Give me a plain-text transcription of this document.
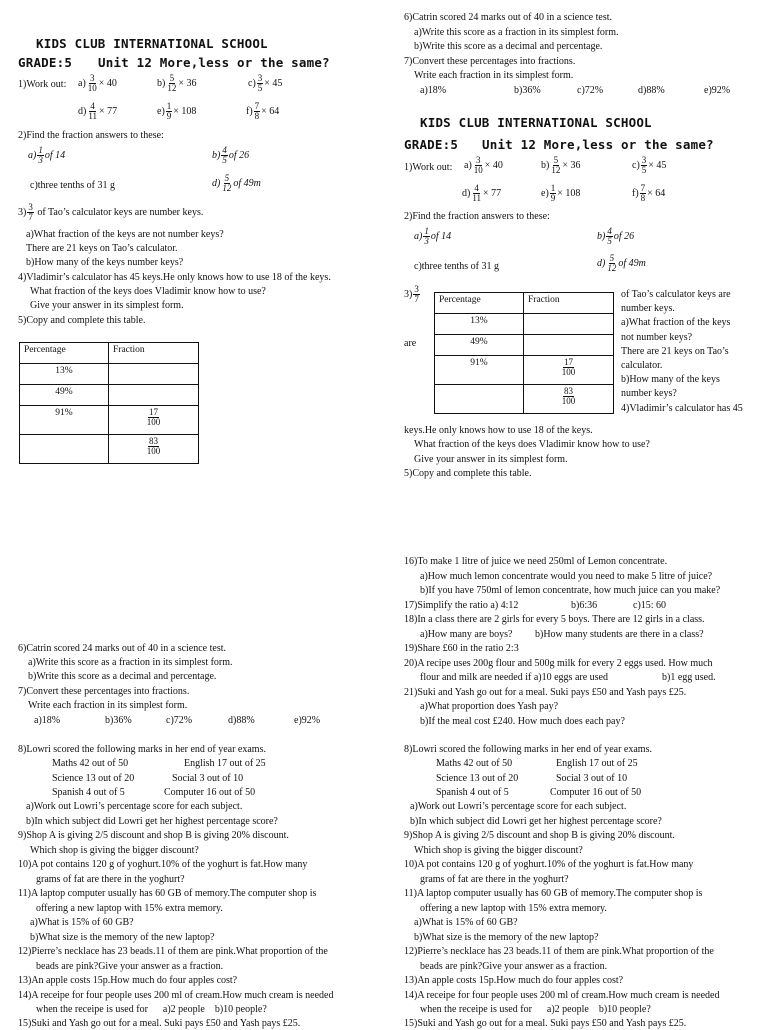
KIDS CLUB INTERNATIONAL SCHOOL
GRADE:5 Unit 12 More,less or the same?
1)Work out: $a) \frac{3}{10} \times 40$	$b) \frac{5}{12} \times 36$	$c) \frac{3}{5} \times 45$
$d) \frac{4}{11} \times 77$	$e) \frac{1}{9} \times 108$	$f) \frac{7}{8} \times 64$
2)Find the fraction answers to these:
$a) \frac{1}{3}$ of 14	$b) \frac{4}{5}$ of 26
c)three tenths of 31 g	$d) \frac{5}{12}$ of 49m
$3) \frac{3}{7}$ of Tao’s calculator keys are number keys.
a)What fraction of the keys are not number keys?
There are 21 keys on Tao’s calculator.
b)How many of the keys number keys?
4)Vladimir’s calculator has 45 keys.He only knows how to use 18 of the keys.
What fraction of the keys does Vladimir know how to use?
Give your answer in its simplest form.
5)Copy and complete this table.
Percentage	Fraction
13%	
49%	
91%	$\frac{17}{100}$

	$\frac{83}{100}$
6)Catrin scored 24 marks out of 40 in a science test.
a)Write this score as a fraction in its simplest form.
b)Write this score as a decimal and percentage.
7)Convert these percentages into fractions.
Write each fraction in its simplest form.
a)18%	b)36%	c)72%	d)88%	e)92%
KIDS CLUB INTERNATIONAL SCHOOL
GRADE:5 Unit 12 More,less or the same?
1)Work out: $a) \frac{3}{10} \times 40$	$b) \frac{5}{12} \times 36$	$c) \frac{3}{5} \times 45$
$d) \frac{4}{11} \times 77$	$e) \frac{1}{9} \times 108$	$f) \frac{7}{8} \times 64$
2)Find the fraction answers to these:
$a) \frac{1}{3}$ of 14	$b) \frac{4}{5}$ of 26
c)three tenths of 31 g	$d) \frac{5}{12}$ of 49m
$3) \frac{3}{7}$
are
Percentage	Fraction
13%	
49%	
91%	$\frac{17}{100}$

	$\frac{83}{100}$
of Tao’s calculator keys are
number keys.
a)What fraction of the keys
not number keys?
There are 21 keys on Tao’s
calculator.
b)How many of the keys
number keys?
4)Vladimir’s calculator has 45
keys.He only knows how to use 18 of the keys.
What fraction of the keys does Vladimir know how to use?
Give your answer in its simplest form.
5)Copy and complete this table.
6)Catrin scored 24 marks out of 40 in a science test.
a)Write this score as a fraction in its simplest form.
b)Write this score as a decimal and percentage.
7)Convert these percentages into fractions.
Write each fraction in its simplest form.
a)18%	b)36%	c)72%	d)88%	e)92%
8)Lowri scored the following marks in her end of year exams.
Maths 42 out of 50	English 17 out of 25
Science 13 out of 20	Social 3 out of 10
Spanish 4 out of 5	Computer 16 out of 50
a)Work out Lowri’s percentage score for each subject.
b)In which subject did Lowri get her highest percentage score?
9)Shop A is giving 2/5 discount and shop B is giving 20% discount.
Which shop is giving the bigger discount?
10)A pot contains 120 g of yoghurt.10% of the yoghurt is fat.How many
grams of fat are there in the yoghurt?
11)A laptop computer usually has 60 GB of memory.The computer shop is
offering a new laptop with 15% extra memory.
a)What is 15% of 60 GB?
b)What size is the memory of the new laptop?
12)Pierre’s necklace has 23 beads.11 of them are pink.What proportion of the
beads are pink?Give your answer as a fraction.
13)An apple costs 15p.How much do four apples cost?
14)A receipe for four people uses 200 ml of cream.How much cream is needed
when the receipe is used for a)2 people b)10 people?
15)Suki and Yash go out for a meal. Suki pays £50 and Yash pays £25.
16)To make 1 litre of juice we need 250ml of Lemon concentrate.
a)How much lemon concentrate would you need to make 5 litre of juice?
b)If you have 750ml of lemon concentrate, how much juice can you make?
17)Simplify the ratio a) 4:12	b)6:36	c)15: 60
18)In a class there are 2 girls for every 5 boys. There are 12 girls in a class.
a)How many are boys? b)How many students are there in a class?
19)Share £60 in the ratio 2:3
20)A recipe uses 200g flour and 500g milk for every 2 eggs used. How much
flour and milk are needed if a)10 eggs are used	b)1 egg used.
21)Suki and Yash go out for a meal. Suki pays £50 and Yash pays £25.
a)What proportion does Yash pay?
b)If the meal cost £240. How much does each pay?
8)Lowri scored the following marks in her end of year exams.
Maths 42 out of 50	English 17 out of 25
Science 13 out of 20	Social 3 out of 10
Spanish 4 out of 5	Computer 16 out of 50
a)Work out Lowri’s percentage score for each subject.
b)In which subject did Lowri get her highest percentage score?
9)Shop A is giving 2/5 discount and shop B is giving 20% discount.
Which shop is giving the bigger discount?
10)A pot contains 120 g of yoghurt.10% of the yoghurt is fat.How many
grams of fat are there in the yoghurt?
11)A laptop computer usually has 60 GB of memory.The computer shop is
offering a new laptop with 15% extra memory.
a)What is 15% of 60 GB?
b)What size is the memory of the new laptop?
12)Pierre’s necklace has 23 beads.11 of them are pink.What proportion of the
beads are pink?Give your answer as a fraction.
13)An apple costs 15p.How much do four apples cost?
14)A receipe for four people uses 200 ml of cream.How much cream is needed
when the receipe is used for a)2 people b)10 people?
15)Suki and Yash go out for a meal. Suki pays £50 and Yash pays £25.
